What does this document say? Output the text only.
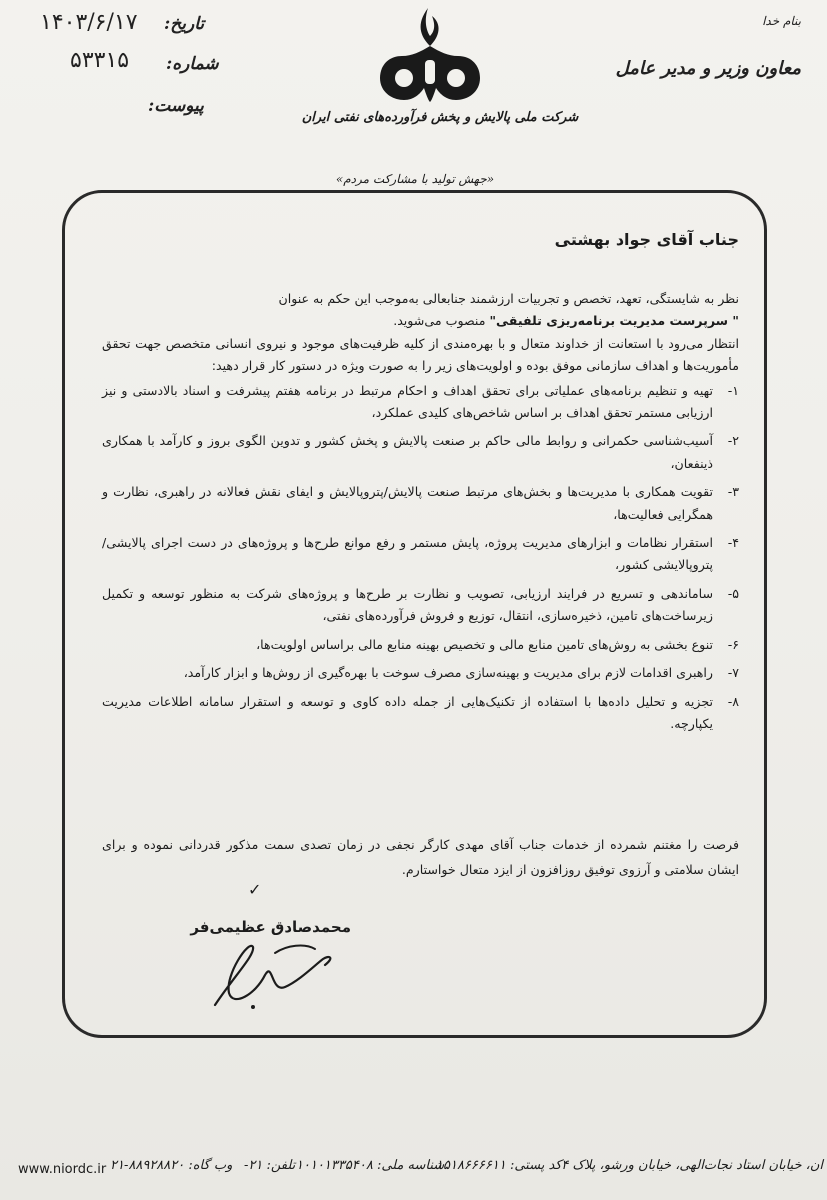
بنام خدا
معاون وزیر و مدیر عامل
تاریخ:
۱۴۰۳/۶/۱۷
شماره:
۵۳۳۱۵
پیوست:
شرکت ملی پالایش و پخش فرآورده‌های نفتی ایران
«جهش تولید با مشارکت مردم»
جناب آقای جواد بهشتی

نظر به شایستگی، تعهد، تخصص و تجربیات ارزشمند جنابعالی به‌موجب این حکم به عنوان

" سرپرست مدیریت برنامه‌ریزی تلفیقی" منصوب می‌شوید.

انتظار می‌رود با استعانت از خداوند متعال و با بهره‌مندی از کلیه ظرفیت‌های موجود و نیروی انسانی متخصص جهت تحقق مأموریت‌ها و اهداف سازمانی موفق بوده و اولویت‌های زیر را به صورت ویژه در دستور کار قرار دهید:

۱-
تهیه و تنظیم برنامه‌های عملیاتی برای تحقق اهداف و احکام مرتبط در برنامه هفتم پیشرفت و اسناد بالادستی و نیز ارزیابی مستمر تحقق اهداف بر اساس شاخص‌های کلیدی عملکرد،
۲-
آسیب‌شناسی حکمرانی و روابط مالی حاکم بر صنعت پالایش و پخش کشور و تدوین الگوی بروز و کارآمد با همکاری ذینفعان،
۳-
تقویت همکاری با مدیریت‌ها و بخش‌های مرتبط صنعت پالایش/پتروپالایش و ایفای نقش فعالانه در راهبری، نظارت و همگرایی فعالیت‌ها،
۴-
استقرار نظامات و ابزارهای مدیریت پروژه، پایش مستمر و رفع موانع طرح‌ها و پروژه‌های در دست اجرای پالایشی/پتروپالایشی کشور،
۵-
ساماندهی و تسریع در فرایند ارزیابی، تصویب و نظارت بر طرح‌ها و پروژه‌های شرکت به منظور توسعه و تکمیل زیرساخت‌های تامین، ذخیره‌سازی، انتقال، توزیع و فروش فرآورده‌های نفتی،
۶-
تنوع بخشی به روش‌های تامین منابع مالی و تخصیص بهینه منابع مالی براساس اولویت‌ها،
۷-
راهبری اقدامات لازم برای مدیریت و بهینه‌سازی مصرف سوخت با بهره‌گیری از روش‌ها و ابزار کارآمد،
۸-
تجزیه و تحلیل داده‌ها با استفاده از تکنیک‌هایی از جمله داده کاوی و توسعه و استقرار سامانه اطلاعات مدیریت یکپارچه.
فرصت را مغتنم شمرده از خدمات جناب آقای مهدی کارگر نجفی در زمان تصدی سمت مذکور قدردانی نموده و برای ایشان سلامتی و آرزوی توفیق روزافزون از ایزد متعال خواستارم.
✓
محمدصادق عظیمی‌فر
www.niordc.ir وب گاه: ۸۸۹۲۸۸۲۰-۲۱ تلفن: ۲۱- شناسه ملی: ۱۰۱۰۱۳۳۵۴۰۸
کد پستی: ۱۵۱۸۶۶۶۶۱۱ ان، خیابان استاد نجات‌الهی، خیابان ورشو، پلاک ۴
